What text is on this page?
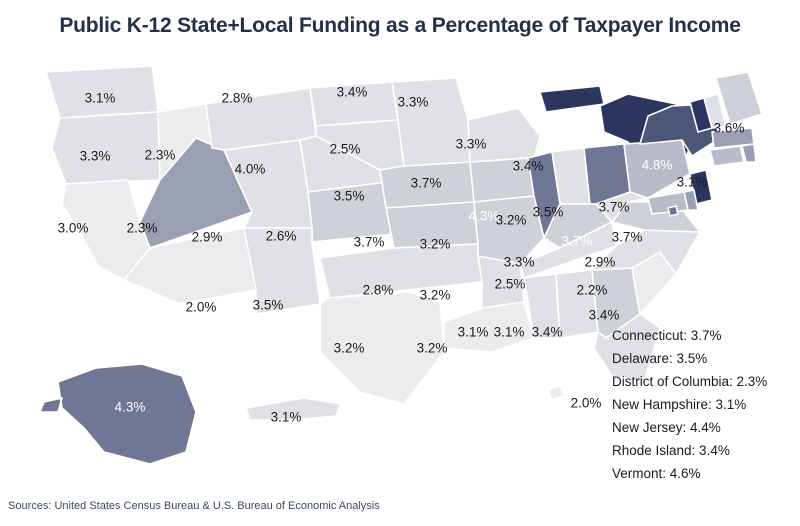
Public K-12 State+Local Funding as a Percentage of Taxpayer Income
3.1%	2.8%	3.4%
3.3%
3.6%
3.3%	2.3%	2.5%	3.3%
3.4%	4.8%
3.1%
4.0%
3.5%
3.7%
3.5%	3.7%
4.3%
3.2%
3.7% 3.7%
3.0%	2.3%
2.9%	2.6%	3.7%	3.2%
2.9%
3.3%
2.0%	3.5%
2.8% 3.2%
2.5%	2.2%
3.4%
3.2%	3.2%
3.1% 3.1% 3.4%
2.0%
4.3%
3.1%
Connecticut: 3.7%
Delaware: 3.5%
District of Columbia: 2.3%
New Hampshire: 3.1%
New Jersey: 4.4%
Rhode Island: 3.4%
Vermont: 4.6%
Sources: United States Census Bureau & U.S. Bureau of Economic Analysis
